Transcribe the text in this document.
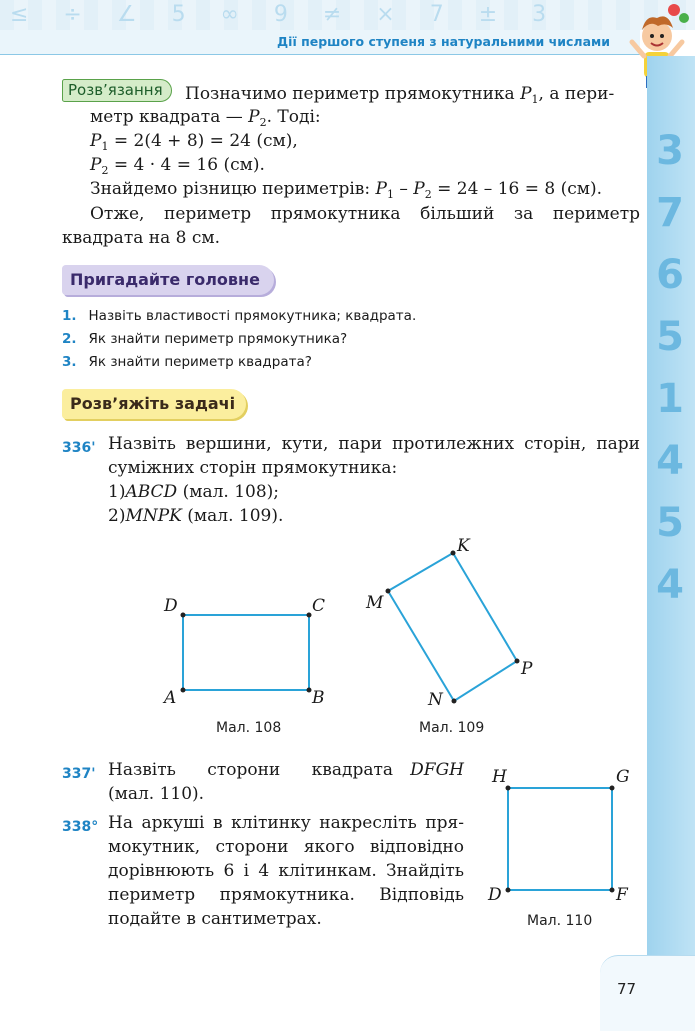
≤ ÷ ∠ 5 ∞ 9 ≠ × 7 ± 3
Дії першого ступеня з натуральними числами
3 7 6 5 1 4 5 4
77
Розв’язання	Позначимо периметр прямокутника $P_1$, а пери-
метр квадрата — $P_2$. Тоді:
$P_1 = 2(4 + 8) = 24$ (см),
$P_2 = 4 \cdot 4 = 16$ (см).
Знайдемо різницю периметрів: $P_1 - P_2 = 24 - 16 = 8$ (см).
Отже, периметр прямокутника більший за периметр
квадрата на 8 см.
Пригадайте головне
1. Назвіть властивості прямокутника; квадрата.
2. Як знайти периметр прямокутника?
3. Як знайти периметр квадрата?
Розв’яжіть задачі
336' Назвіть вершини, кути, пари протилежних сторін, пари
суміжних сторін прямокутника:
1)ABCD (мал. 108);
2)MNPK (мал. 109).
D	C
A	B
Мал. 108
K
M
P
N
Мал. 109
337' Назвіть сторони квадрата DFGH
(мал. 110).
338° На аркуші в клітинку накресліть пря-
мокутник, сторони якого відповідно
дорівнюють 6 і 4 клітинкам. Знайдіть
периметр прямокутника. Відповідь
подайте в сантиметрах.
H	G
D	F
Мал. 110
